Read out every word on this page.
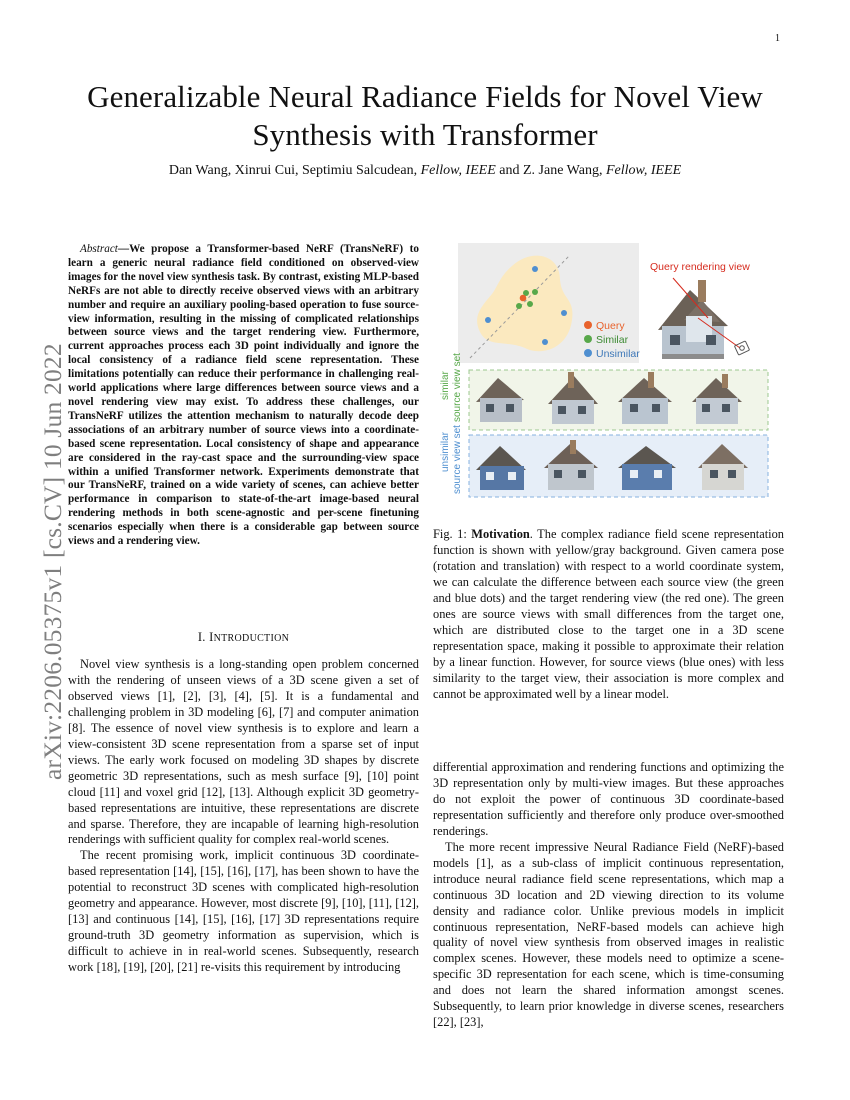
1
arXiv:2206.05375v1 [cs.CV] 10 Jun 2022
Generalizable Neural Radiance Fields for Novel View Synthesis with Transformer
Dan Wang, Xinrui Cui, Septimiu Salcudean, Fellow, IEEE and Z. Jane Wang, Fellow, IEEE

Abstract—We propose a Transformer-based NeRF (TransNeRF) to learn a generic neural radiance field conditioned on observed-view images for the novel view synthesis task. By contrast, existing MLP-based NeRFs are not able to directly receive observed views with an arbitrary number and require an auxiliary pooling-based operation to fuse source-view information, resulting in the missing of complicated relationships between source views and the target rendering view. Furthermore, current approaches process each 3D point individually and ignore the local consistency of a radiance field scene representation. These limitations potentially can reduce their performance in challenging real-world applications where large differences between source views and a novel rendering view may exist. To address these challenges, our TransNeRF utilizes the attention mechanism to naturally decode deep associations of an arbitrary number of source views into a coordinate-based scene representation. Local consistency of shape and appearance are considered in the ray-cast space and the surrounding-view space within a unified Transformer network. Experiments demonstrate that our TransNeRF, trained on a wide variety of scenes, can achieve better performance in comparison to state-of-the-art image-based neural rendering methods in both scene-agnostic and per-scene finetuning scenarios especially when there is a considerable gap between source views and a rendering view.

I. INTRODUCTION

Novel view synthesis is a long-standing open problem concerned with the rendering of unseen views of a 3D scene given a set of observed views [1], [2], [3], [4], [5]. It is a fundamental and challenging problem in 3D modeling [6], [7] and computer animation [8]. The essence of novel view synthesis is to explore and learn a view-consistent 3D scene representation from a sparse set of input views. The early work focused on modeling 3D shapes by discrete geometric 3D representations, such as mesh surface [9], [10] point cloud [11] and voxel grid [12], [13]. Although explicit 3D geometry-based representations are intuitive, these representations are discrete and sparse. Therefore, they are incapable of learning high-resolution renderings with sufficient quality for complex real-world scenes.

The recent promising work, implicit continuous 3D coordinate-based representation [14], [15], [16], [17], has been shown to have the potential to reconstruct 3D scenes with complicated high-resolution geometry and appearance. However, most discrete [9], [10], [11], [12], [13] and continuous [14], [15], [16], [17] 3D representations require ground-truth 3D geometry information as supervision, which is difficult to achieve in in real-world scenes. Subsequently, research work [18], [19], [20], [21] re-visits this requirement by introducing

Query
Similar
Unsimilar
Query rendering view
similar source view set
unsimilar source view set
Fig. 1: Motivation. The complex radiance field scene representation function is shown with yellow/gray background. Given camera pose (rotation and translation) with respect to a world coordinate system, we can calculate the difference between each source view (the green and blue dots) and the target rendering view (the red one). The green ones are source views with small differences from the target one, which are distributed close to the target one in a 3D scene representation space, making it possible to approximate their relation by a linear function. However, for source views (blue ones) with less similarity to the target view, their association is more complex and cannot be approximated well by a linear model.

differential approximation and rendering functions and optimizing the 3D representation only by multi-view images. But these approaches do not exploit the power of continuous 3D coordinate-based representation sufficiently and therefore only produce over-smoothed renderings.

The more recent impressive Neural Radiance Field (NeRF)-based models [1], as a sub-class of implicit continuous representation, introduce neural radiance field scene representations, which map a continuous 3D location and 2D viewing direction to its volume density and radiance color. Unlike previous models in implicit continuous representation, NeRF-based models can achieve high quality of novel view synthesis from observed images in realistic complex scenes. However, these models need to optimize a scene-specific 3D representation for each scene, which is time-consuming and does not learn the shared information amongst scenes. Subsequently, to learn prior knowledge in diverse scenes, researchers [22], [23],
